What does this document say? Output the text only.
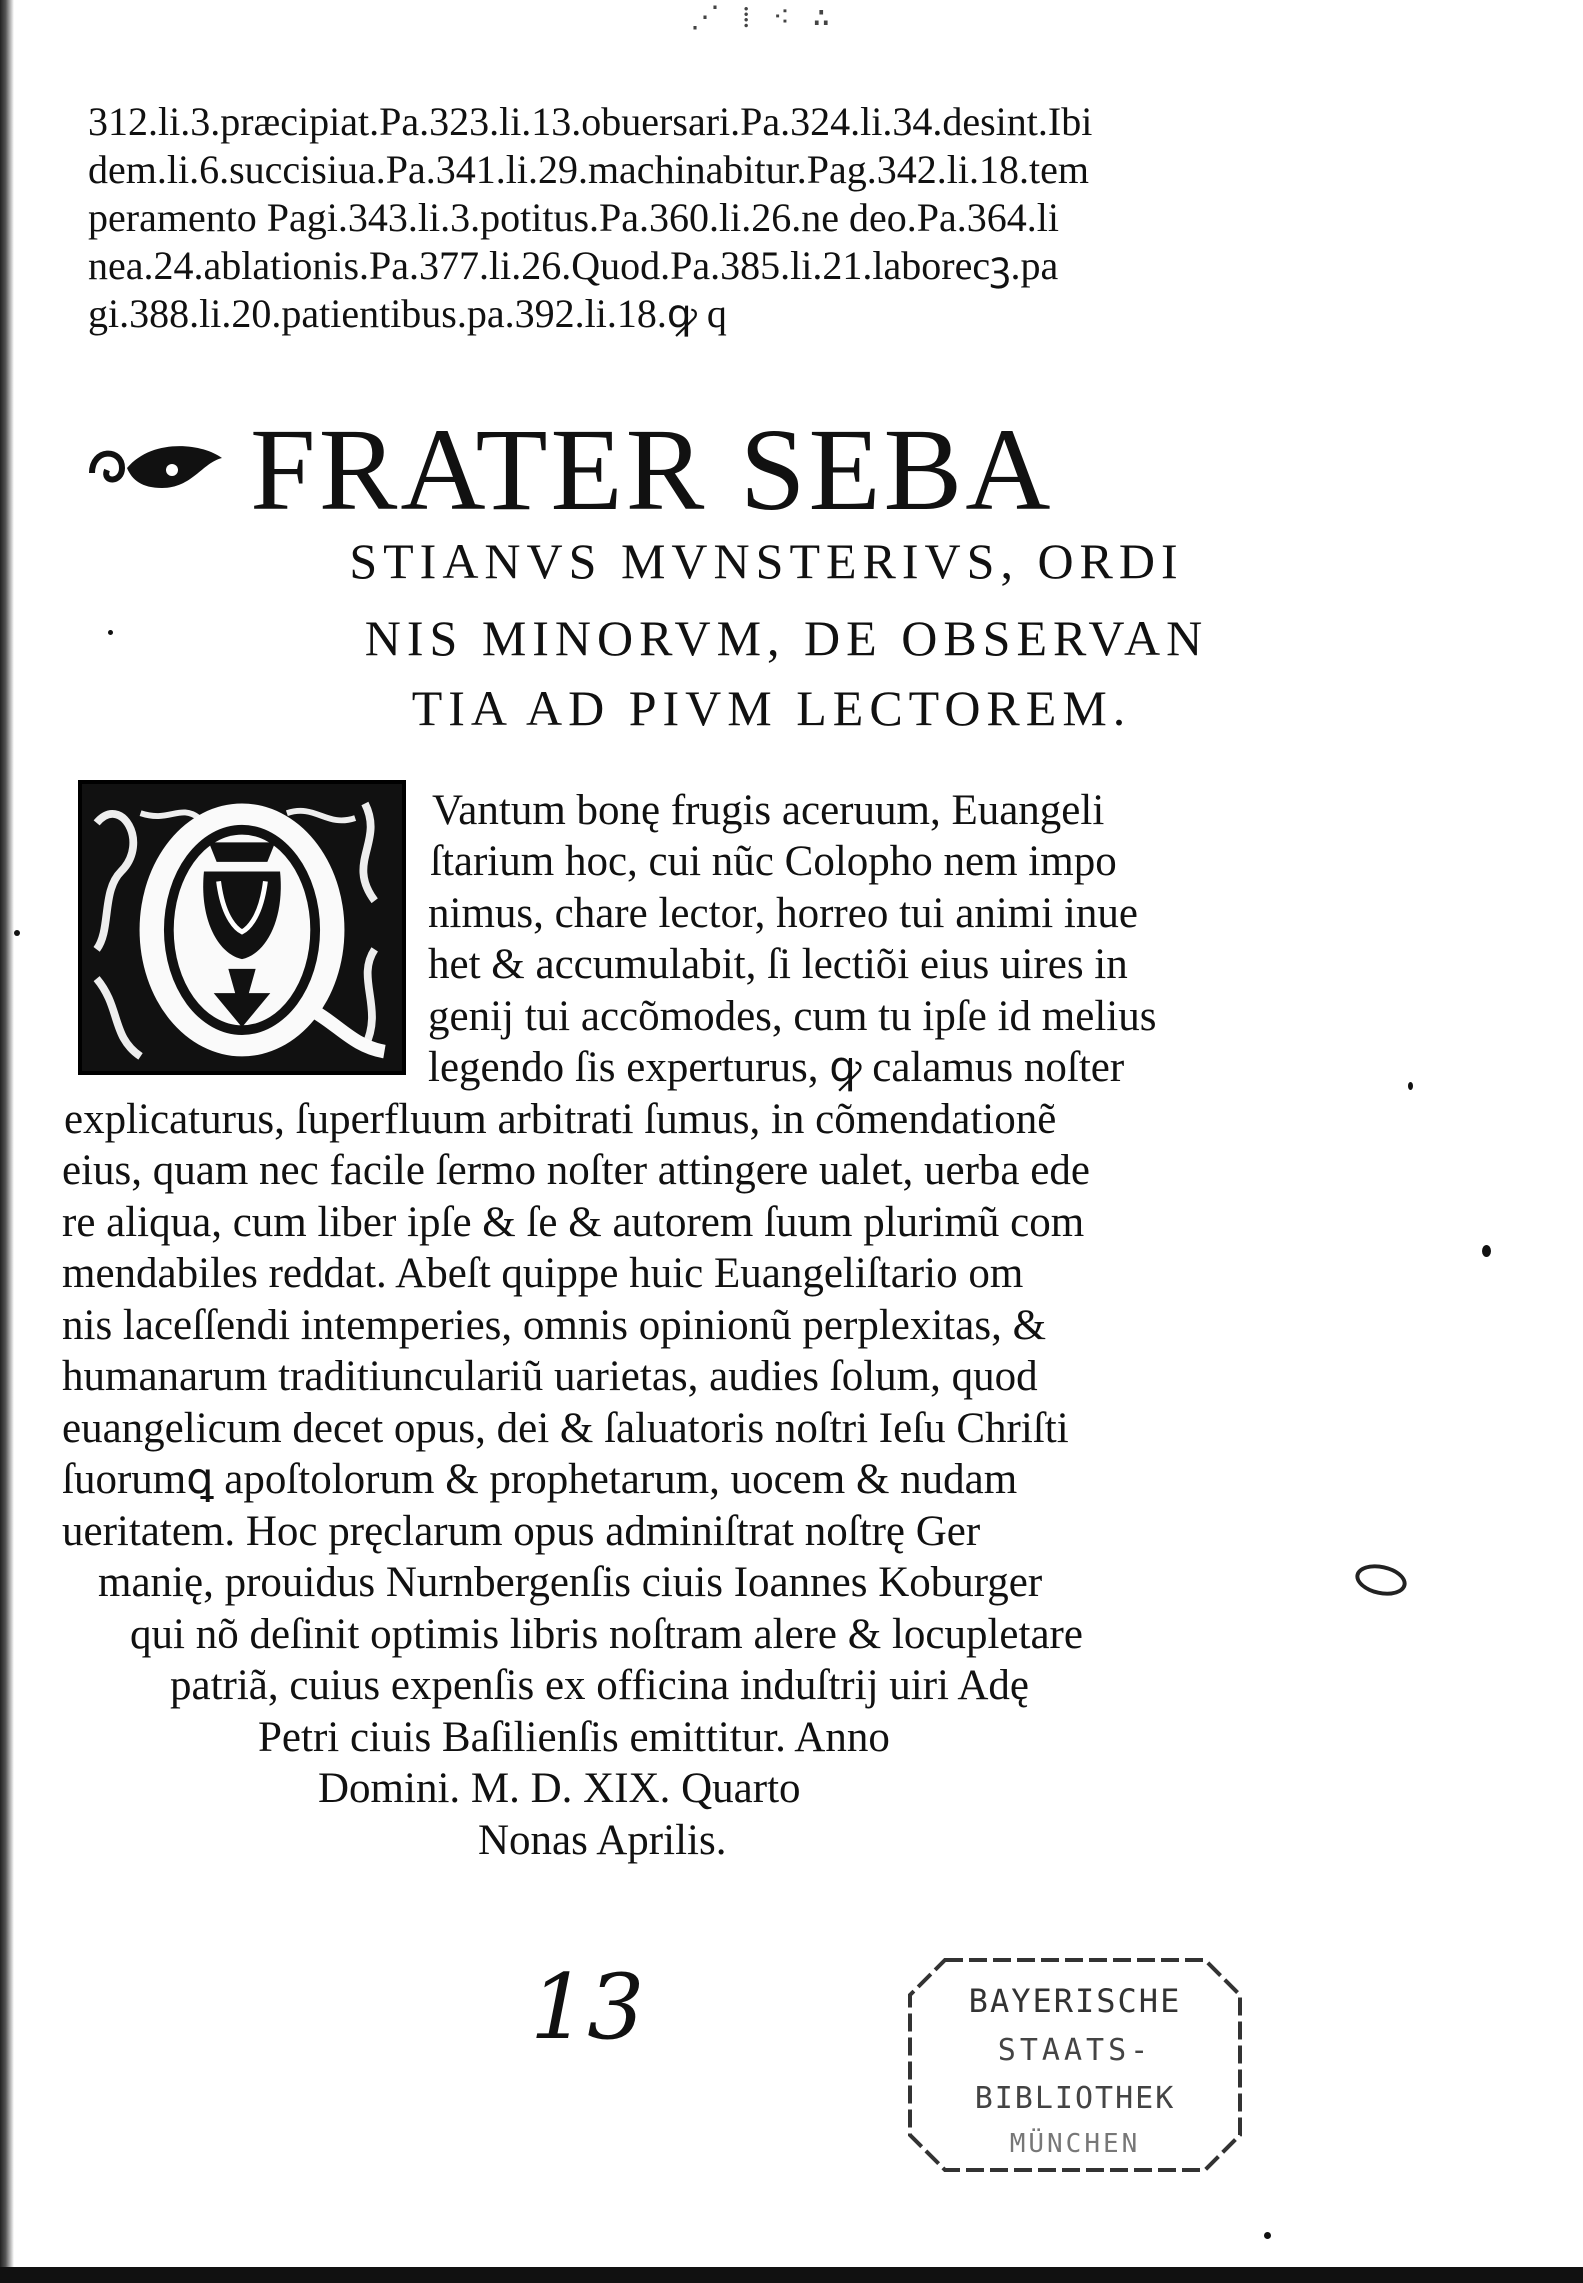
⋰ ⁞ ⁖ ∴
312.li.3.præcipiat.Pa.323.li.13.obuersari.Pa.324.li.34.desint.Ibi
dem.li.6.succisiua.Pa.341.li.29.machinabitur.Pag.342.li.18.tem
peramento Pagi.343.li.3.potitus.Pa.360.li.26.ne deo.Pa.364.li
nea.24.ablationis.Pa.377.li.26.Quod.Pa.385.li.21.laborecꝫ.pa
gi.388.li.20.patientibus.pa.392.li.18.ꝙ q
FRATER SEBA
STIANVS MVNSTERIVS, ORDI
NIS MINORVM, DE OBSERVAN
TIA AD PIVM LECTOREM.
Vantum bonę frugis aceruum, Euangeli
ſtarium hoc, cui nũc Colopho nem impo
nimus, chare lector, horreo tui animi inue
het & accumulabit, ſi lectiõi eius uires in
genij tui accõmodes, cum tu ipſe id melius
legendo ſis experturus, ꝙ calamus noſter
explicaturus, ſuperfluum arbitrati ſumus, in cõmendationẽ
eius, quam nec facile ſermo noſter attingere ualet, uerba ede
re aliqua, cum liber ipſe & ſe & autorem ſuum plurimũ com
mendabiles reddat. Abeſt quippe huic Euangeliſtario om
nis laceſſendi intemperies, omnis opinionũ perplexitas, &
humanarum traditiunculariũ uarietas, audies ſolum, quod
euangelicum decet opus, dei & ſaluatoris noſtri Ieſu Chriſti
ſuorumꝗ apoſtolorum & prophetarum, uocem & nudam
ueritatem. Hoc pręclarum opus adminiſtrat noſtrę Ger
manię, prouidus Nurnbergenſis ciuis Ioannes Koburger
qui nõ deſinit optimis libris noſtram alere & locupletare
patriã, cuius expenſis ex officina induſtrij uiri Adę
Petri ciuis Baſilienſis emittitur. Anno
Domini. M. D. XIX. Quarto
Nonas Aprilis.
13	BAYERISCHE
STAATS-
BIBLIOTHEK
MÜNCHEN
